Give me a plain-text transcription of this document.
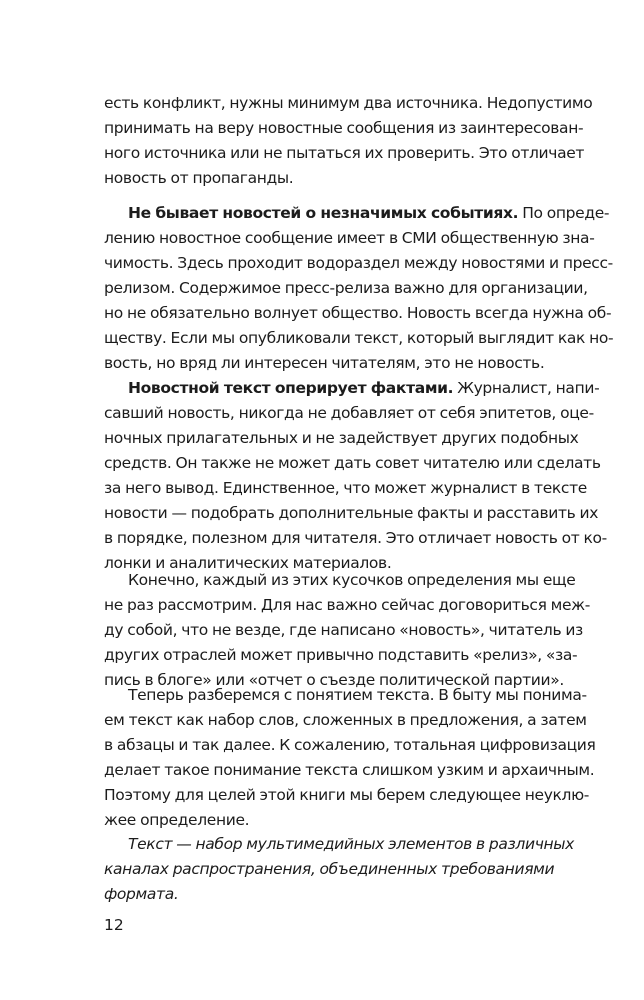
есть конфликт, нужны минимум два источника. Недопустимо
принимать на веру новостные сообщения из заинтересован-
ного источника или не пытаться их проверить. Это отличает
новость от пропаганды.
Не бывает новостей о незначимых событиях. По опреде-
лению новостное сообщение имеет в СМИ общественную зна-
чимость. Здесь проходит водораздел между новостями и пресс-
релизом. Содержимое пресс-релиза важно для организации,
но не обязательно волнует общество. Новость всегда нужна об-
ществу. Если мы опубликовали текст, который выглядит как но-
вость, но вряд ли интересен читателям, это не новость.
Новостной текст оперирует фактами. Журналист, напи-
савший новость, никогда не добавляет от себя эпитетов, оце-
ночных прилагательных и не задействует других подобных
средств. Он также не может дать совет читателю или сделать
за него вывод. Единственное, что может журналист в тексте
новости — подобрать дополнительные факты и расставить их
в порядке, полезном для читателя. Это отличает новость от ко-
лонки и аналитических материалов.
Конечно, каждый из этих кусочков определения мы еще
не раз рассмотрим. Для нас важно сейчас договориться меж-
ду собой, что не везде, где написано «новость», читатель из
других отраслей может привычно подставить «релиз», «за-
пись в блоге» или «отчет о съезде политической партии».
Теперь разберемся с понятием текста. В быту мы понима-
ем текст как набор слов, сложенных в предложения, а затем
в абзацы и так далее. К сожалению, тотальная цифровизация
делает такое понимание текста слишком узким и архаичным.
Поэтому для целей этой книги мы берем следующее неуклю-
жее определение.
Текст — набор мультимедийных элементов в различных
каналах распространения, объединенных требованиями
формата.
12
